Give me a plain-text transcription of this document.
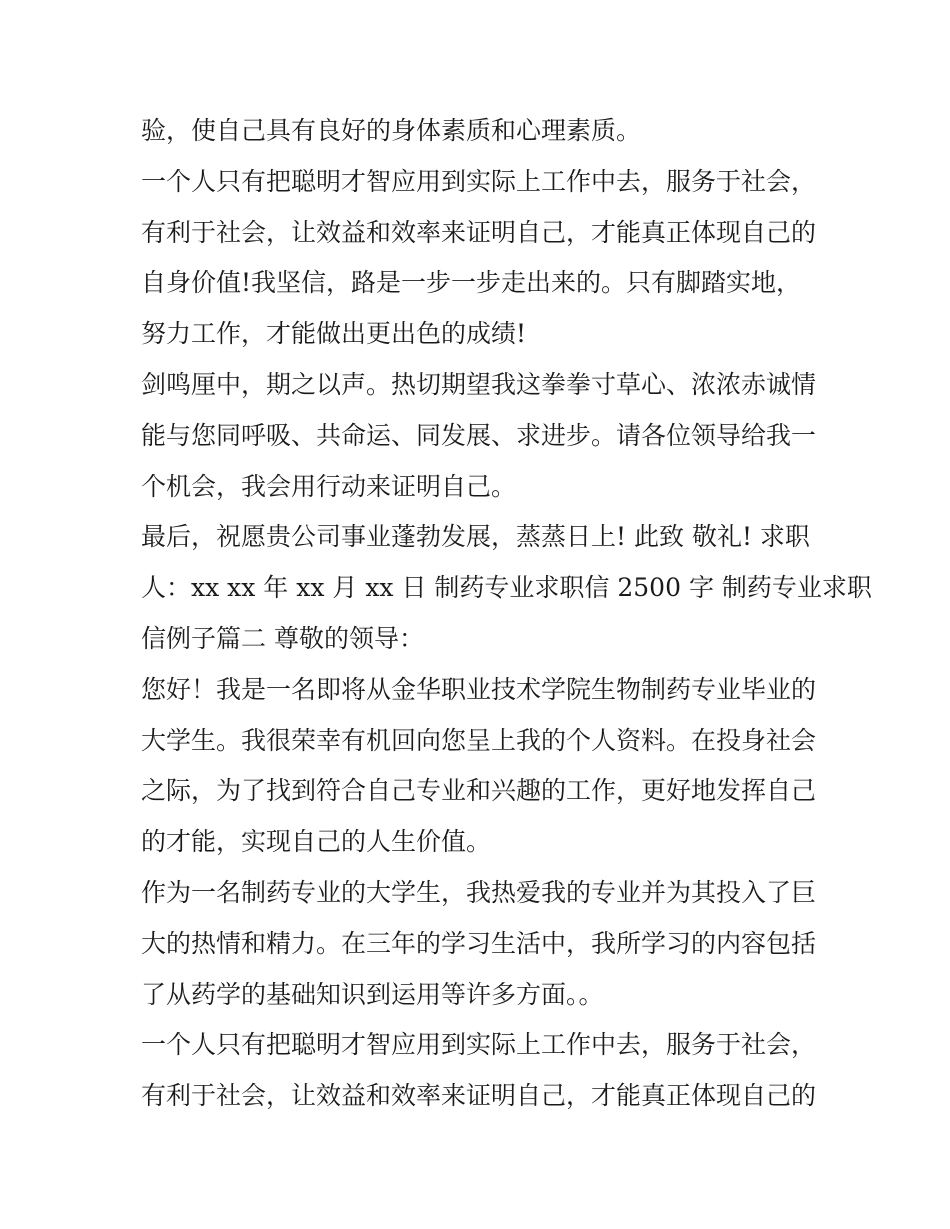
验，使自己具有良好的身体素质和心理素质。
一个人只有把聪明才智应用到实际上工作中去，服务于社会，
有利于社会，让效益和效率来证明自己，才能真正体现自己的
自身价值!我坚信，路是一步一步走出来的。只有脚踏实地，
努力工作，才能做出更出色的成绩!
剑鸣厘中，期之以声。热切期望我这拳拳寸草心、浓浓赤诚情
能与您同呼吸、共命运、同发展、求进步。请各位领导给我一
个机会，我会用行动来证明自己。
最后，祝愿贵公司事业蓬勃发展，蒸蒸日上! 此致 敬礼! 求职
人：xx xx 年 xx 月 xx 日 制药专业求职信 2500 字 制药专业求职
信例子篇二 尊敬的领导：
您好！我是一名即将从金华职业技术学院生物制药专业毕业的
大学生。我很荣幸有机回向您呈上我的个人资料。在投身社会
之际，为了找到符合自己专业和兴趣的工作，更好地发挥自己
的才能，实现自己的人生价值。
作为一名制药专业的大学生，我热爱我的专业并为其投入了巨
大的热情和精力。在三年的学习生活中，我所学习的内容包括
了从药学的基础知识到运用等许多方面。。
一个人只有把聪明才智应用到实际上工作中去，服务于社会，
有利于社会，让效益和效率来证明自己，才能真正体现自己的
